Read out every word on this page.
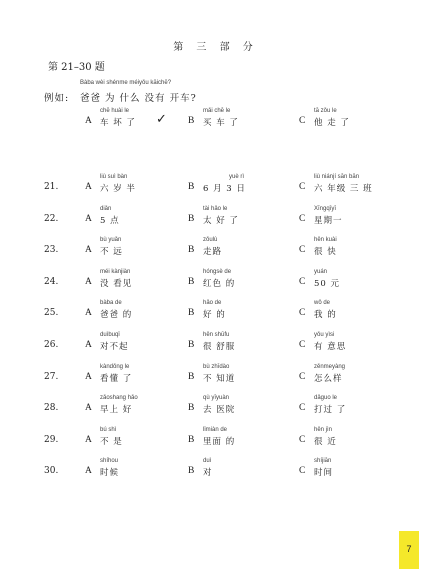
第 三 部 分
第 21–30 题
Bàba wèi shénme méiyǒu kāichē?
例如: 爸爸 为 什么 没有 开车?
chē huài le
A 车 坏 了 ✓
mǎi chē le
B 买 车 了
tā zǒu le
C 他 走 了
21.
liù suì bàn
A 六 岁 半
yuè rì
B 6 月 3 日
liù niánjí sān bān
C 六 年级 三 班
22.
diǎn
A 5 点
tài hǎo le
B 太 好 了
Xīngqīyī
C 星期一
23.
bù yuǎn
A 不 远
zǒulù
B 走路
hěn kuài
C 很 快
24.
méi kànjiàn
A 没 看见
hóngsè de
B 红色 的
yuán
C 50 元
25.
bàba de
A 爸爸 的
hǎo de
B 好 的
wǒ de
C 我 的
26.
duìbuqǐ
A 对不起
hěn shūfu
B 很 舒服
yǒu yìsi
C 有 意思
27.
kàndǒng le
A 看懂 了
bù zhīdào
B 不 知道
zěnmeyàng
C 怎么样
28.
zǎoshang hǎo
A 早上 好
qù yīyuàn
B 去 医院
dǎguo le
C 打过 了
29.
bú shì
A 不 是
lǐmiàn de
B 里面 的
hěn jìn
C 很 近
30.
shíhou
A 时候
duì
B 对
shíjiān
C 时间
7
